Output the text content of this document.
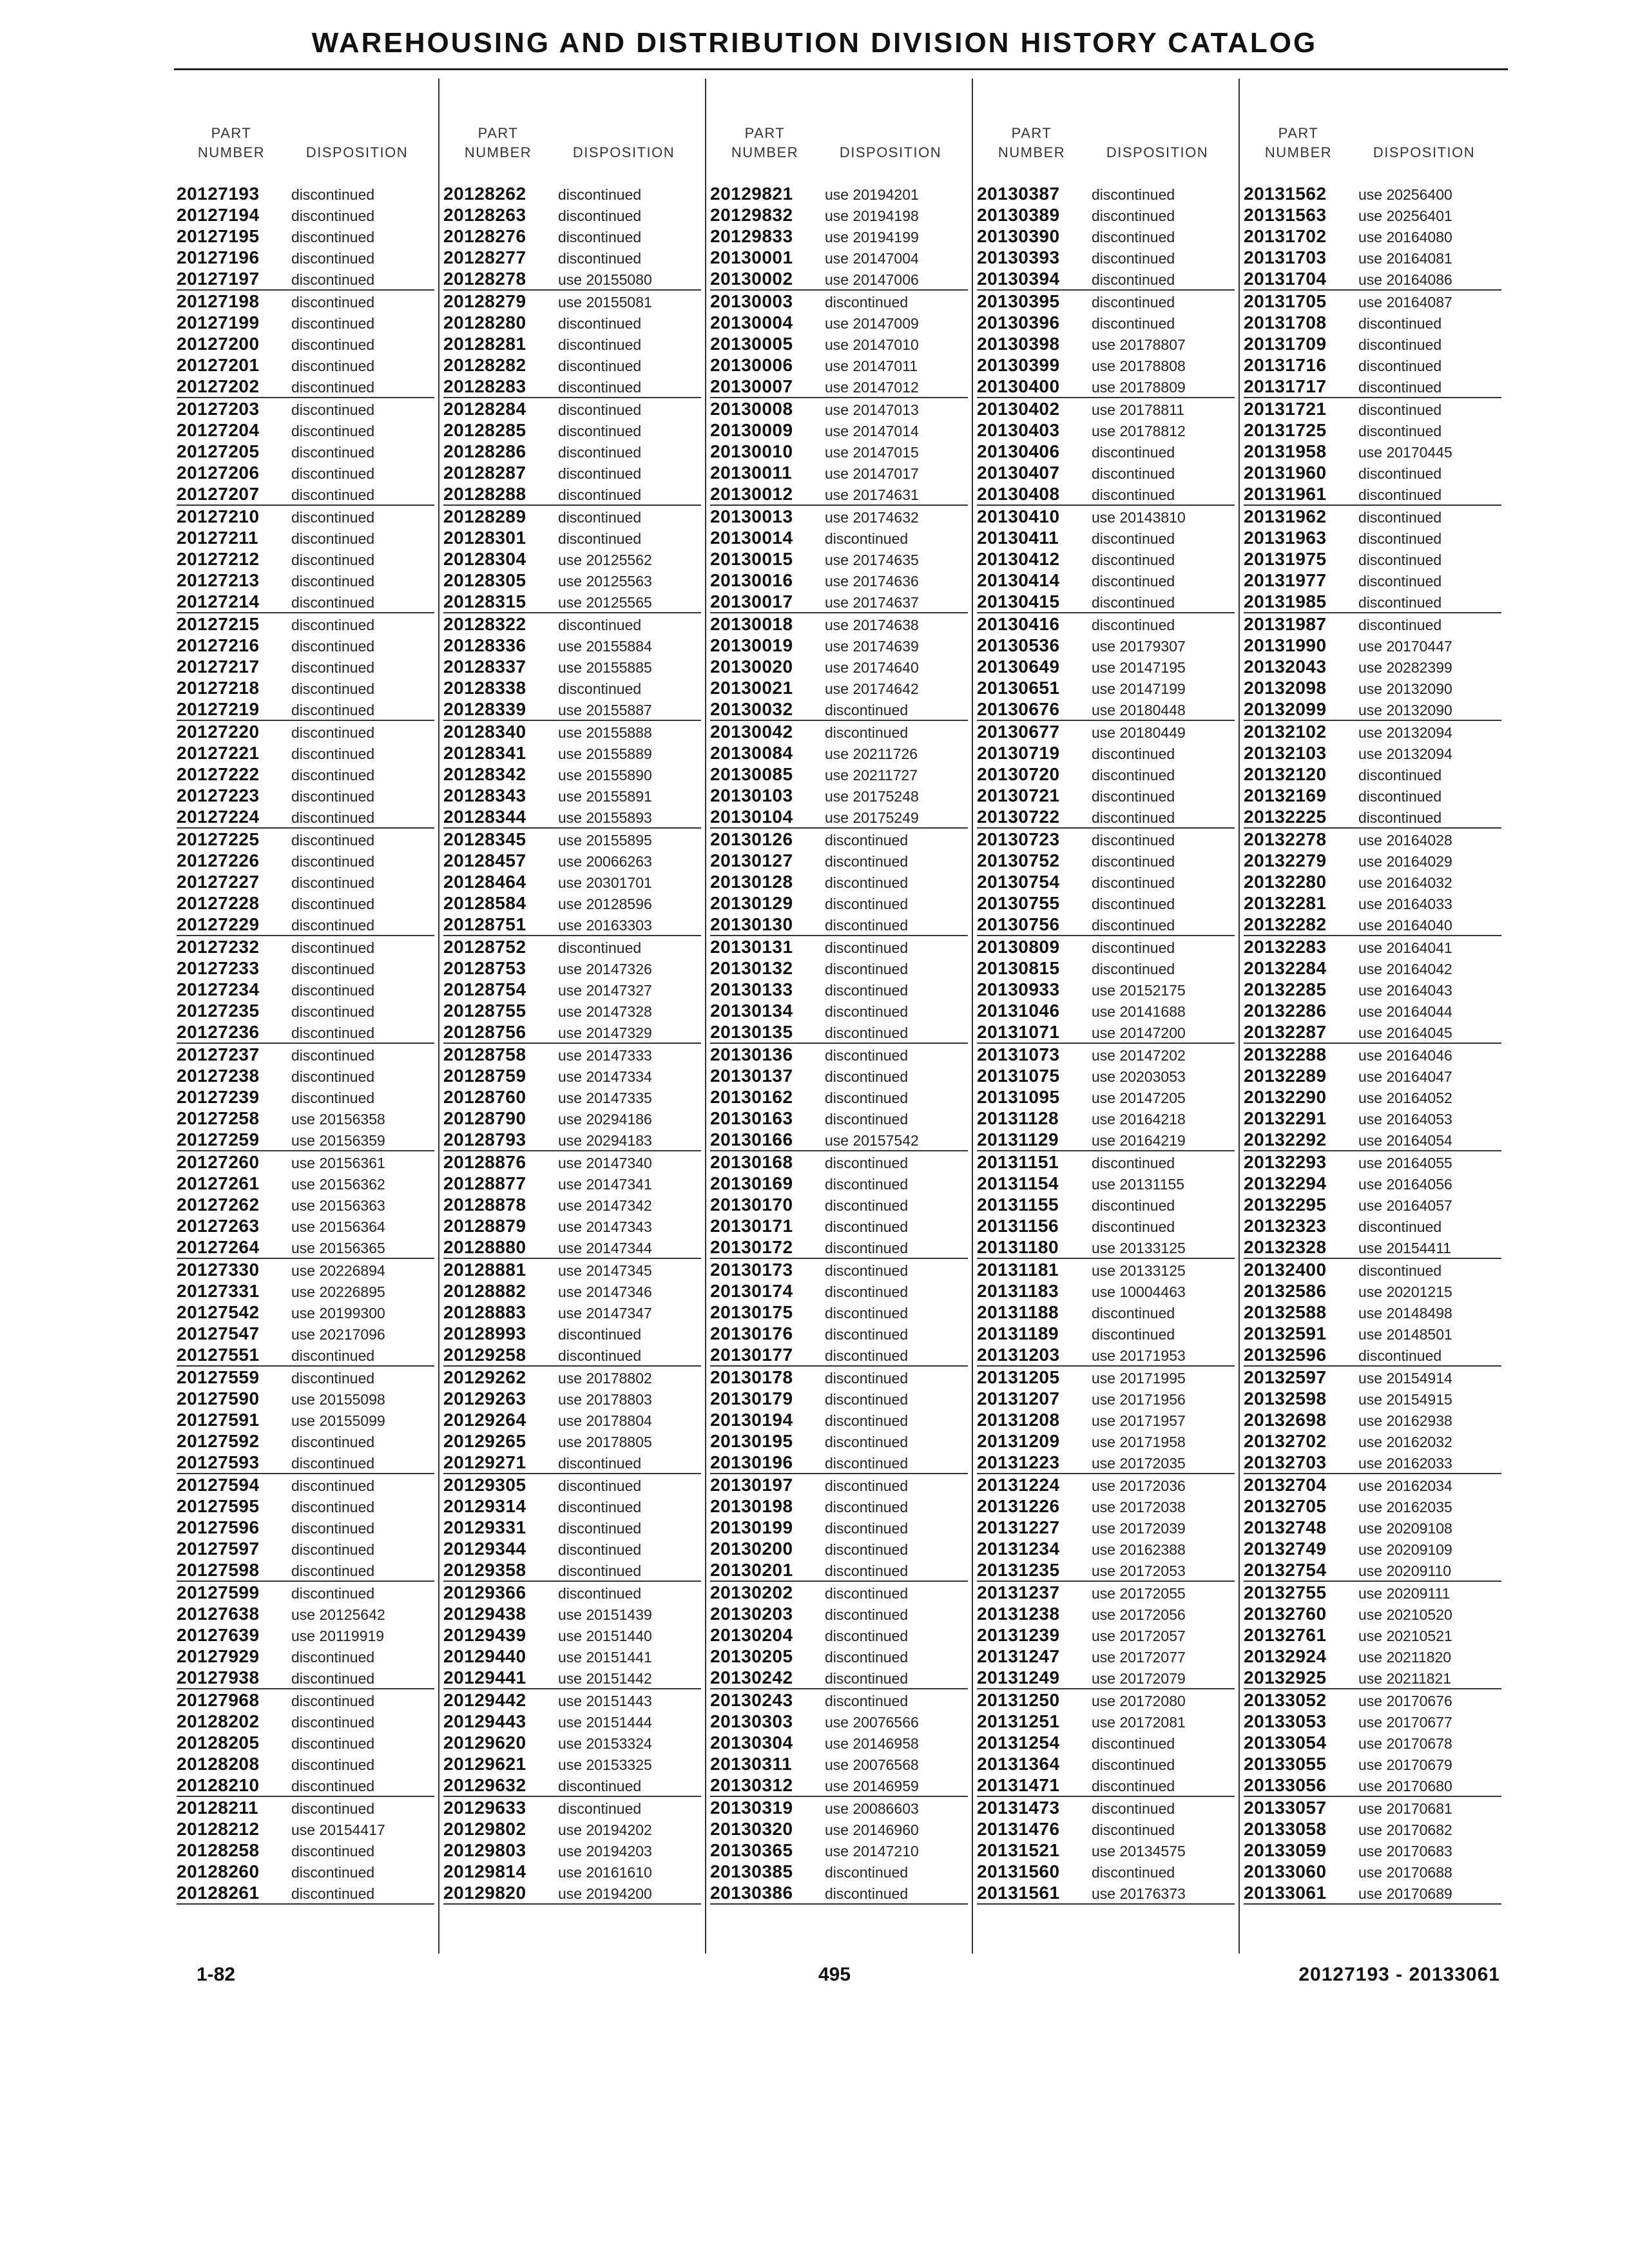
WAREHOUSING AND DISTRIBUTION DIVISION HISTORY CATALOG
PART
NUMBER	DISPOSITION
20127193	discontinued
20127194	discontinued
20127195	discontinued
20127196	discontinued
20127197	discontinued
20127198	discontinued
20127199	discontinued
20127200	discontinued
20127201	discontinued
20127202	discontinued
20127203	discontinued
20127204	discontinued
20127205	discontinued
20127206	discontinued
20127207	discontinued
20127210	discontinued
20127211	discontinued
20127212	discontinued
20127213	discontinued
20127214	discontinued
20127215	discontinued
20127216	discontinued
20127217	discontinued
20127218	discontinued
20127219	discontinued
20127220	discontinued
20127221	discontinued
20127222	discontinued
20127223	discontinued
20127224	discontinued
20127225	discontinued
20127226	discontinued
20127227	discontinued
20127228	discontinued
20127229	discontinued
20127232	discontinued
20127233	discontinued
20127234	discontinued
20127235	discontinued
20127236	discontinued
20127237	discontinued
20127238	discontinued
20127239	discontinued
20127258	use 20156358
20127259	use 20156359
20127260	use 20156361
20127261	use 20156362
20127262	use 20156363
20127263	use 20156364
20127264	use 20156365
20127330	use 20226894
20127331	use 20226895
20127542	use 20199300
20127547	use 20217096
20127551	discontinued
20127559	discontinued
20127590	use 20155098
20127591	use 20155099
20127592	discontinued
20127593	discontinued
20127594	discontinued
20127595	discontinued
20127596	discontinued
20127597	discontinued
20127598	discontinued
20127599	discontinued
20127638	use 20125642
20127639	use 20119919
20127929	discontinued
20127938	discontinued
20127968	discontinued
20128202	discontinued
20128205	discontinued
20128208	discontinued
20128210	discontinued
20128211	discontinued
20128212	use 20154417
20128258	discontinued
20128260	discontinued
20128261	discontinued
PART
NUMBER	DISPOSITION
20128262	discontinued
20128263	discontinued
20128276	discontinued
20128277	discontinued
20128278	use 20155080
20128279	use 20155081
20128280	discontinued
20128281	discontinued
20128282	discontinued
20128283	discontinued
20128284	discontinued
20128285	discontinued
20128286	discontinued
20128287	discontinued
20128288	discontinued
20128289	discontinued
20128301	discontinued
20128304	use 20125562
20128305	use 20125563
20128315	use 20125565
20128322	discontinued
20128336	use 20155884
20128337	use 20155885
20128338	discontinued
20128339	use 20155887
20128340	use 20155888
20128341	use 20155889
20128342	use 20155890
20128343	use 20155891
20128344	use 20155893
20128345	use 20155895
20128457	use 20066263
20128464	use 20301701
20128584	use 20128596
20128751	use 20163303
20128752	discontinued
20128753	use 20147326
20128754	use 20147327
20128755	use 20147328
20128756	use 20147329
20128758	use 20147333
20128759	use 20147334
20128760	use 20147335
20128790	use 20294186
20128793	use 20294183
20128876	use 20147340
20128877	use 20147341
20128878	use 20147342
20128879	use 20147343
20128880	use 20147344
20128881	use 20147345
20128882	use 20147346
20128883	use 20147347
20128993	discontinued
20129258	discontinued
20129262	use 20178802
20129263	use 20178803
20129264	use 20178804
20129265	use 20178805
20129271	discontinued
20129305	discontinued
20129314	discontinued
20129331	discontinued
20129344	discontinued
20129358	discontinued
20129366	discontinued
20129438	use 20151439
20129439	use 20151440
20129440	use 20151441
20129441	use 20151442
20129442	use 20151443
20129443	use 20151444
20129620	use 20153324
20129621	use 20153325
20129632	discontinued
20129633	discontinued
20129802	use 20194202
20129803	use 20194203
20129814	use 20161610
20129820	use 20194200
PART
NUMBER	DISPOSITION
20129821	use 20194201
20129832	use 20194198
20129833	use 20194199
20130001	use 20147004
20130002	use 20147006
20130003	discontinued
20130004	use 20147009
20130005	use 20147010
20130006	use 20147011
20130007	use 20147012
20130008	use 20147013
20130009	use 20147014
20130010	use 20147015
20130011	use 20147017
20130012	use 20174631
20130013	use 20174632
20130014	discontinued
20130015	use 20174635
20130016	use 20174636
20130017	use 20174637
20130018	use 20174638
20130019	use 20174639
20130020	use 20174640
20130021	use 20174642
20130032	discontinued
20130042	discontinued
20130084	use 20211726
20130085	use 20211727
20130103	use 20175248
20130104	use 20175249
20130126	discontinued
20130127	discontinued
20130128	discontinued
20130129	discontinued
20130130	discontinued
20130131	discontinued
20130132	discontinued
20130133	discontinued
20130134	discontinued
20130135	discontinued
20130136	discontinued
20130137	discontinued
20130162	discontinued
20130163	discontinued
20130166	use 20157542
20130168	discontinued
20130169	discontinued
20130170	discontinued
20130171	discontinued
20130172	discontinued
20130173	discontinued
20130174	discontinued
20130175	discontinued
20130176	discontinued
20130177	discontinued
20130178	discontinued
20130179	discontinued
20130194	discontinued
20130195	discontinued
20130196	discontinued
20130197	discontinued
20130198	discontinued
20130199	discontinued
20130200	discontinued
20130201	discontinued
20130202	discontinued
20130203	discontinued
20130204	discontinued
20130205	discontinued
20130242	discontinued
20130243	discontinued
20130303	use 20076566
20130304	use 20146958
20130311	use 20076568
20130312	use 20146959
20130319	use 20086603
20130320	use 20146960
20130365	use 20147210
20130385	discontinued
20130386	discontinued
PART
NUMBER	DISPOSITION
20130387	discontinued
20130389	discontinued
20130390	discontinued
20130393	discontinued
20130394	discontinued
20130395	discontinued
20130396	discontinued
20130398	use 20178807
20130399	use 20178808
20130400	use 20178809
20130402	use 20178811
20130403	use 20178812
20130406	discontinued
20130407	discontinued
20130408	discontinued
20130410	use 20143810
20130411	discontinued
20130412	discontinued
20130414	discontinued
20130415	discontinued
20130416	discontinued
20130536	use 20179307
20130649	use 20147195
20130651	use 20147199
20130676	use 20180448
20130677	use 20180449
20130719	discontinued
20130720	discontinued
20130721	discontinued
20130722	discontinued
20130723	discontinued
20130752	discontinued
20130754	discontinued
20130755	discontinued
20130756	discontinued
20130809	discontinued
20130815	discontinued
20130933	use 20152175
20131046	use 20141688
20131071	use 20147200
20131073	use 20147202
20131075	use 20203053
20131095	use 20147205
20131128	use 20164218
20131129	use 20164219
20131151	discontinued
20131154	use 20131155
20131155	discontinued
20131156	discontinued
20131180	use 20133125
20131181	use 20133125
20131183	use 10004463
20131188	discontinued
20131189	discontinued
20131203	use 20171953
20131205	use 20171995
20131207	use 20171956
20131208	use 20171957
20131209	use 20171958
20131223	use 20172035
20131224	use 20172036
20131226	use 20172038
20131227	use 20172039
20131234	use 20162388
20131235	use 20172053
20131237	use 20172055
20131238	use 20172056
20131239	use 20172057
20131247	use 20172077
20131249	use 20172079
20131250	use 20172080
20131251	use 20172081
20131254	discontinued
20131364	discontinued
20131471	discontinued
20131473	discontinued
20131476	discontinued
20131521	use 20134575
20131560	discontinued
20131561	use 20176373
PART
NUMBER	DISPOSITION
20131562	use 20256400
20131563	use 20256401
20131702	use 20164080
20131703	use 20164081
20131704	use 20164086
20131705	use 20164087
20131708	discontinued
20131709	discontinued
20131716	discontinued
20131717	discontinued
20131721	discontinued
20131725	discontinued
20131958	use 20170445
20131960	discontinued
20131961	discontinued
20131962	discontinued
20131963	discontinued
20131975	discontinued
20131977	discontinued
20131985	discontinued
20131987	discontinued
20131990	use 20170447
20132043	use 20282399
20132098	use 20132090
20132099	use 20132090
20132102	use 20132094
20132103	use 20132094
20132120	discontinued
20132169	discontinued
20132225	discontinued
20132278	use 20164028
20132279	use 20164029
20132280	use 20164032
20132281	use 20164033
20132282	use 20164040
20132283	use 20164041
20132284	use 20164042
20132285	use 20164043
20132286	use 20164044
20132287	use 20164045
20132288	use 20164046
20132289	use 20164047
20132290	use 20164052
20132291	use 20164053
20132292	use 20164054
20132293	use 20164055
20132294	use 20164056
20132295	use 20164057
20132323	discontinued
20132328	use 20154411
20132400	discontinued
20132586	use 20201215
20132588	use 20148498
20132591	use 20148501
20132596	discontinued
20132597	use 20154914
20132598	use 20154915
20132698	use 20162938
20132702	use 20162032
20132703	use 20162033
20132704	use 20162034
20132705	use 20162035
20132748	use 20209108
20132749	use 20209109
20132754	use 20209110
20132755	use 20209111
20132760	use 20210520
20132761	use 20210521
20132924	use 20211820
20132925	use 20211821
20133052	use 20170676
20133053	use 20170677
20133054	use 20170678
20133055	use 20170679
20133056	use 20170680
20133057	use 20170681
20133058	use 20170682
20133059	use 20170683
20133060	use 20170688
20133061	use 20170689
1-82	495	20127193 - 20133061
